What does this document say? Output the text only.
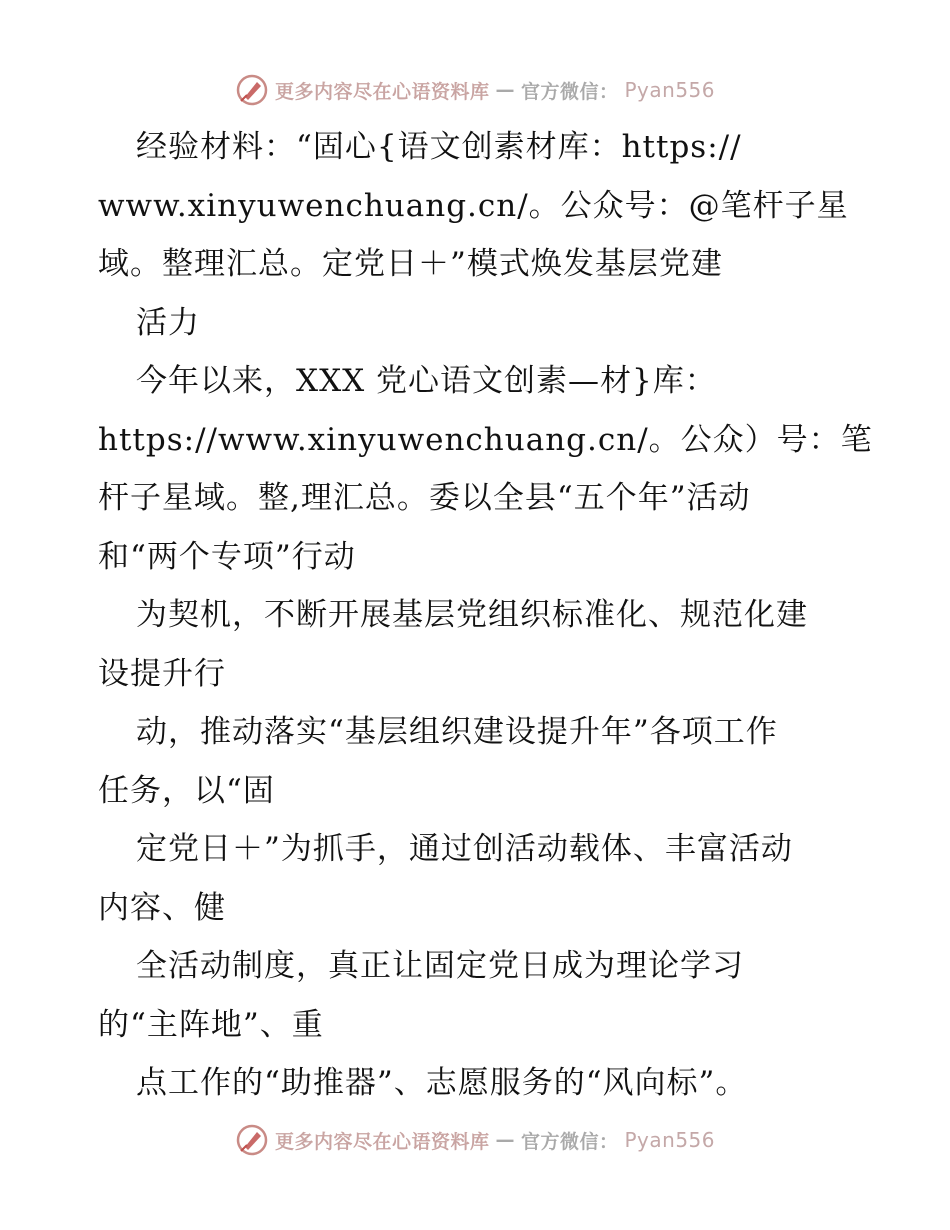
更多内容尽在心语资料库 — 官方微信： Pyan556
经验材料：“固心{语文创素材库：https://
www.xinyuwenchuang.cn/。公众号：@笔杆子星
域。整理汇总。定党日＋”模式焕发基层党建
活力
今年以来，XXX 党心语文创素—材}库：
https://www.xinyuwenchuang.cn/。公众）号：笔
杆子星域。整,理汇总。委以全县“五个年”活动
和“两个专项”行动
为契机，不断开展基层党组织标准化、规范化建
设提升行
动，推动落实“基层组织建设提升年”各项工作
任务，以“固
定党日＋”为抓手，通过创活动载体、丰富活动
内容、健
全活动制度，真正让固定党日成为理论学习
的“主阵地”、重
点工作的“助推器”、志愿服务的“风向标”。
更多内容尽在心语资料库 — 官方微信： Pyan556
